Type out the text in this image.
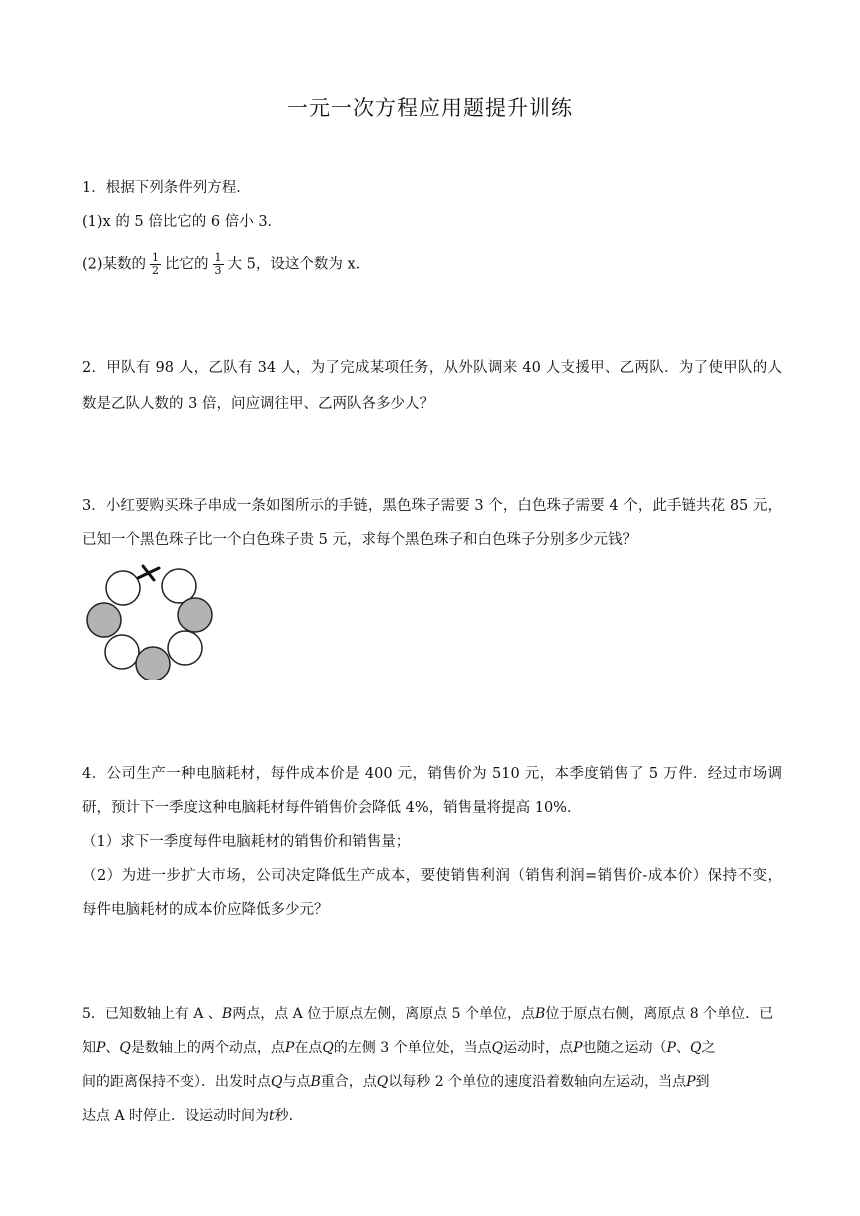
一元一次方程应用题提升训练
1．根据下列条件列方程．
(1)x 的 5 倍比它的 6 倍小 3．
(2)某数的 $\frac{1}{2}$ 比它的 $\frac{1}{3}$ 大 5，设这个数为 x．
2．甲队有 98 人，乙队有 34 人，为了完成某项任务，从外队调来 40 人支援甲、乙两队．为了使甲队的人
数是乙队人数的 3 倍，问应调往甲、乙两队各多少人？
3．小红要购买珠子串成一条如图所示的手链，黑色珠子需要 3 个，白色珠子需要 4 个，此手链共花 85 元，
已知一个黑色珠子比一个白色珠子贵 5 元，求每个黑色珠子和白色珠子分别多少元钱？
4．公司生产一种电脑耗材，每件成本价是 400 元，销售价为 510 元，本季度销售了 5 万件．经过市场调
研，预计下一季度这种电脑耗材每件销售价会降低 4%，销售量将提高 10%．
（1）求下一季度每件电脑耗材的销售价和销售量；
（2）为进一步扩大市场，公司决定降低生产成本，要使销售利润（销售利润=销售价-成本价）保持不变，
每件电脑耗材的成本价应降低多少元？
5．已知数轴上有 A 、B两点，点 A 位于原点左侧，离原点 5 个单位，点B位于原点右侧，离原点 8 个单位．已
知P、Q是数轴上的两个动点，点P在点Q的左侧 3 个单位处，当点Q运动时，点P也随之运动（P、Q之
间的距离保持不变）．出发时点Q与点B重合，点Q以每秒 2 个单位的速度沿着数轴向左运动，当点P到
达点 A 时停止．设运动时间为t秒．
